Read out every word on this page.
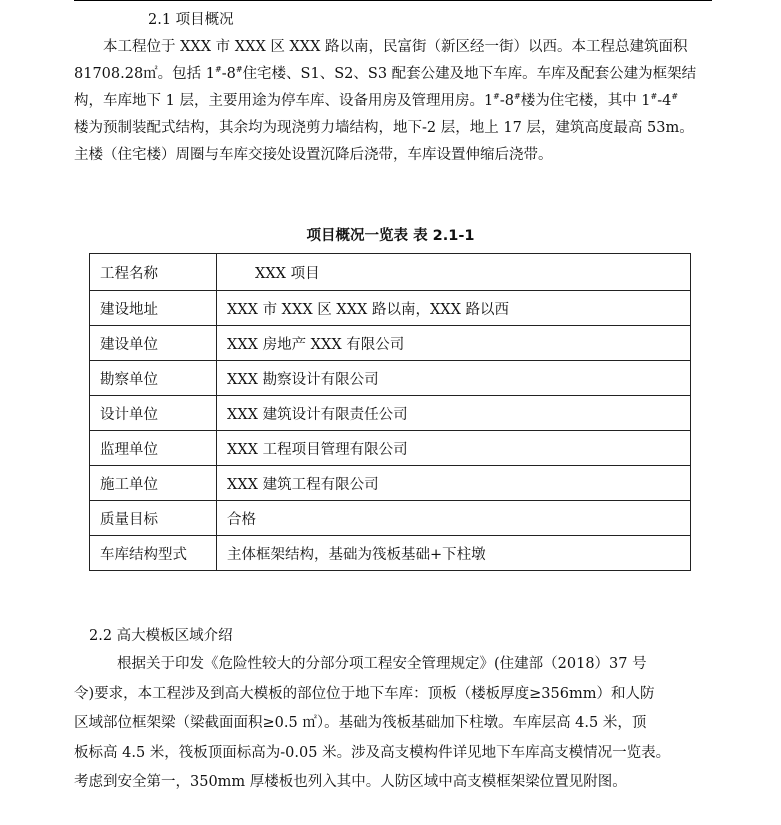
2.1 项目概况
本工程位于 XXX 市 XXX 区 XXX 路以南，民富街（新区经一街）以西。本工程总建筑面积
81708.28㎡。包括 1#-8#住宅楼、S1、S2、S3 配套公建及地下车库。车库及配套公建为框架结
构，车库地下 1 层，主要用途为停车库、设备用房及管理用房。1#-8#楼为住宅楼，其中 1#-4#
楼为预制装配式结构，其余均为现浇剪力墙结构，地下-2 层，地上 17 层，建筑高度最高 53m。
主楼（住宅楼）周圈与车库交接处设置沉降后浇带，车库设置伸缩后浇带。
项目概况一览表 表 2.1-1
工程名称	XXX 项目
建设地址	XXX 市 XXX 区 XXX 路以南，XXX 路以西
建设单位	XXX 房地产 XXX 有限公司
勘察单位	XXX 勘察设计有限公司
设计单位	XXX 建筑设计有限责任公司
监理单位	XXX 工程项目管理有限公司
施工单位	XXX 建筑工程有限公司
质量目标	合格
车库结构型式	主体框架结构，基础为筏板基础+下柱墩
2.2 高大模板区域介绍
根据关于印发《危险性较大的分部分项工程安全管理规定》(住建部（2018）37 号
令)要求，本工程涉及到高大模板的部位位于地下车库：顶板（楼板厚度≥356mm）和人防
区域部位框架梁（梁截面面积≥0.5 ㎡）。基础为筏板基础加下柱墩。车库层高 4.5 米，顶
板标高 4.5 米，筏板顶面标高为-0.05 米。涉及高支模构件详见地下车库高支模情况一览表。
考虑到安全第一，350mm 厚楼板也列入其中。人防区域中高支模框架梁位置见附图。
